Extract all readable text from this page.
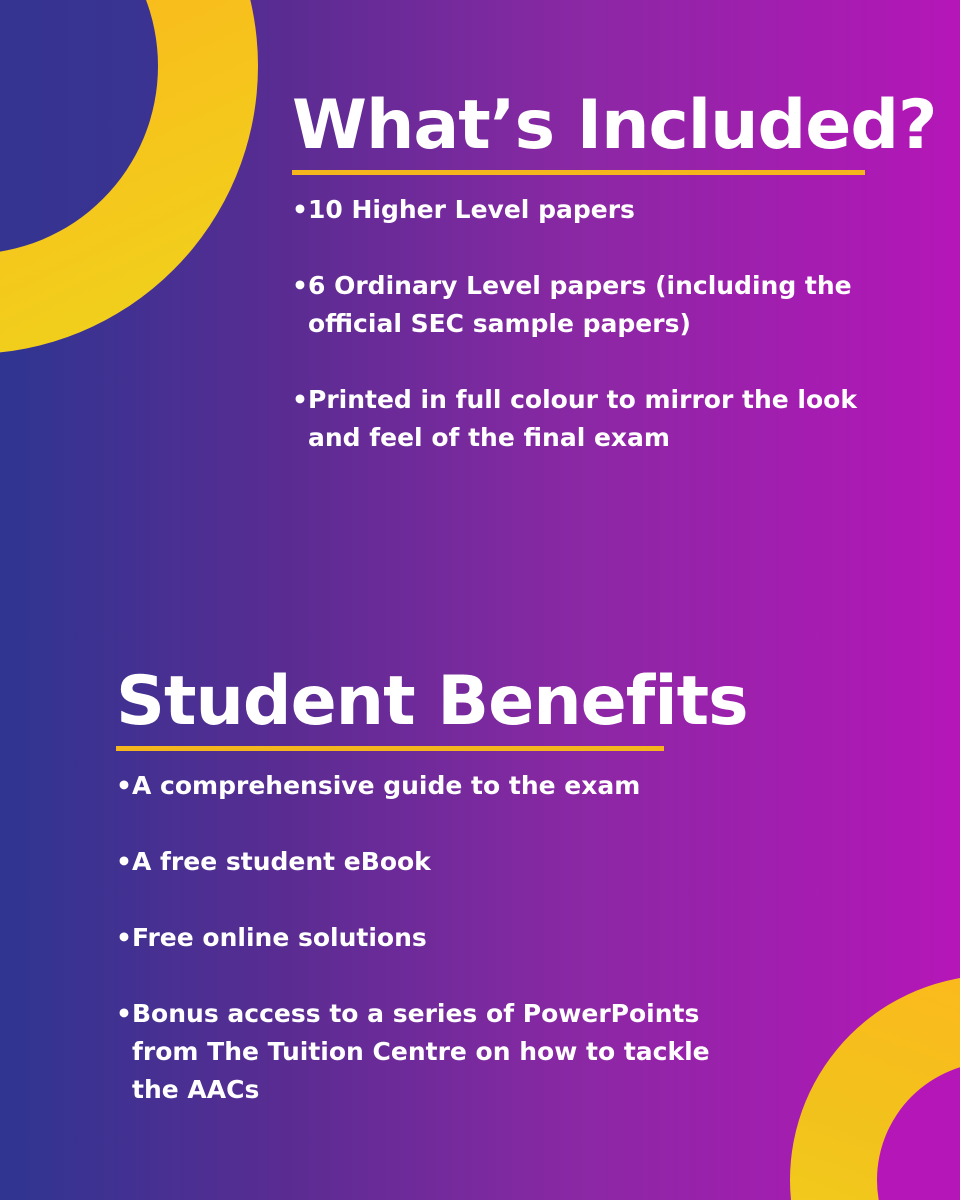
What’s Included?
• 10 Higher Level papers
• 6 Ordinary Level papers (including the official SEC sample papers)
• Printed in full colour to mirror the look and feel of the final exam
Student Benefits
• A comprehensive guide to the exam
• A free student eBook
• Free online solutions
• Bonus access to a series of PowerPoints from The Tuition Centre on how to tackle the AACs
